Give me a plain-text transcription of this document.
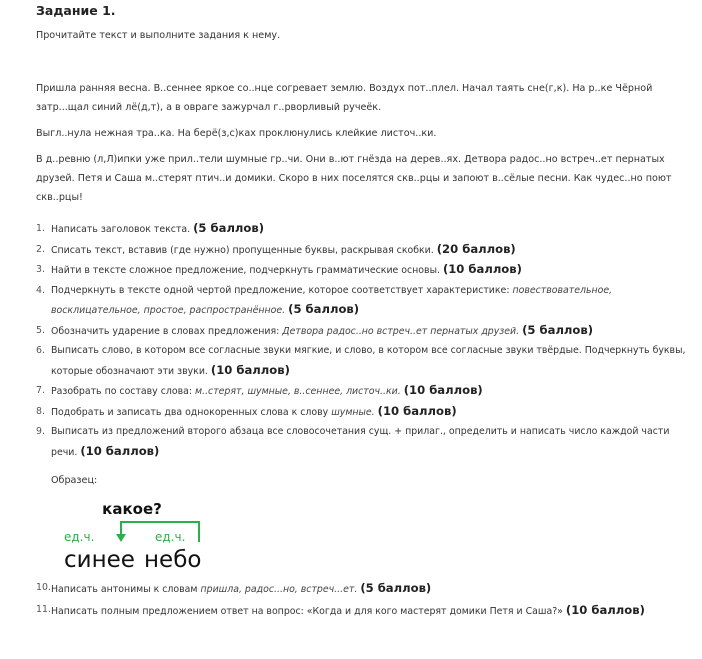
Задание 1.
Прочитайте текст и выполните задания к нему.
Пришла ранняя весна. В..сеннее яркое со..нце согревает землю. Воздух пот..плел. Начал таять сне(г,к). На р..ке Чёрной затр...щал синий лё(д,т), а в овраге зажурчал г..рворливый ручеёк.
Выгл..нула нежная тра..ка. На берё(з,с)ках проклюнулись клейкие листоч..ки.
В д..ревню (л,Л)ипки уже прил..тели шумные гр..чи. Они в..ют гнёзда на дерев..ях. Детвора радос..но встреч..ет пернатых друзей. Петя и Саша м..стерят птич..и домики. Скоро в них поселятся скв..рцы и запоют в..сёлые песни. Как чудес..но поют скв..рцы!
1. Написать заголовок текста. (5 баллов)
2. Списать текст, вставив (где нужно) пропущенные буквы, раскрывая скобки. (20 баллов)
3. Найти в тексте сложное предложение, подчеркнуть грамматические основы. (10 баллов)
4. Подчеркнуть в тексте одной чертой предложение, которое соответствует характеристике: повествовательное, восклицательное, простое, распространённое. (5 баллов)
5. Обозначить ударение в словах предложения: Детвора радос..но встреч..ет пернатых друзей. (5 баллов)
6. Выписать слово, в котором все согласные звуки мягкие, и слово, в котором все согласные звуки твёрдые. Подчеркнуть буквы, которые обозначают эти звуки. (10 баллов)
7. Разобрать по составу слова: м..стерят, шумные, в..сеннее, листоч..ки. (10 баллов)
8. Подобрать и записать два однокоренных слова к слову шумные. (10 баллов)
9. Выписать из предложений второго абзаца все словосочетания сущ. + прилаг., определить и написать число каждой части речи. (10 баллов)
Образец:
какое?
ед.ч.	ед.ч.
синее небо
10. Написать антонимы к словам пришла, радос...но, встреч...ет. (5 баллов)
11. Написать полным предложением ответ на вопрос: «Когда и для кого мастерят домики Петя и Саша?» (10 баллов)
